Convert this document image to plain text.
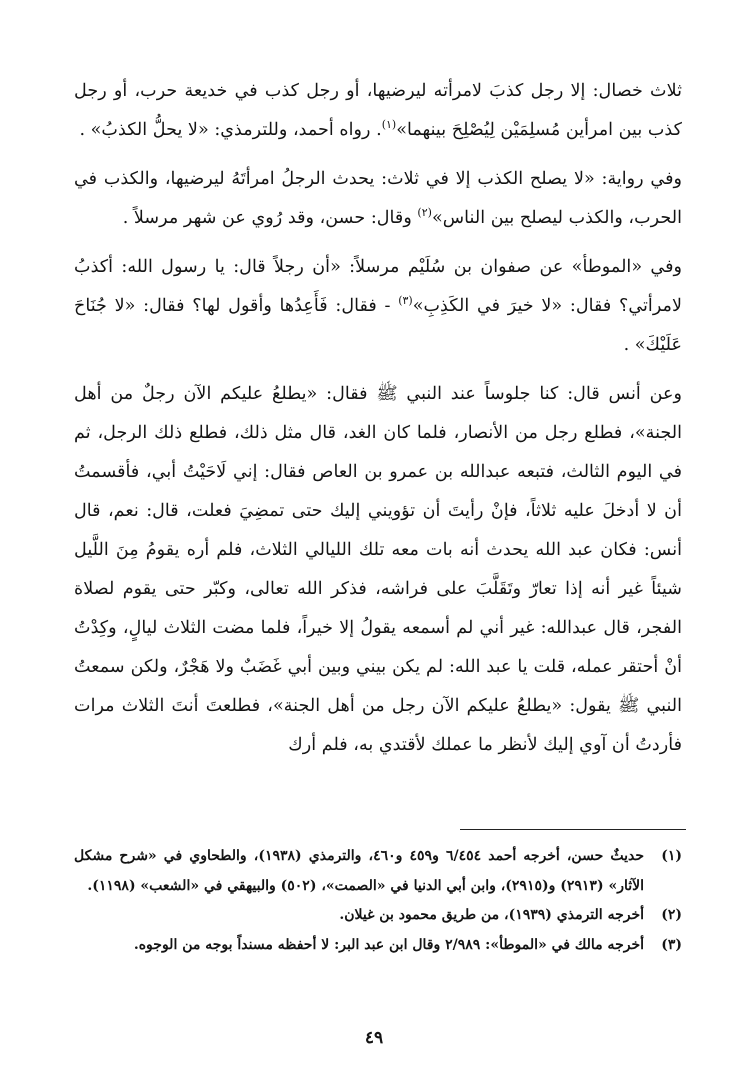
ثلاث خصال: إلا رجل كذبَ لامرأته ليرضيها، أو رجل كذب في خديعة حرب، أو رجل كذب بين امرأين مُسلِمَيْن لِيُصْلِحَ بينهما»$^{(١)}$. رواه أحمد، وللترمذي: «لا يحلُّ الكذبُ» .

وفي رواية: «لا يصلح الكذب إلا في ثلاث: يحدث الرجلُ امرأتَهُ ليرضيها، والكذب في الحرب، والكذب ليصلح بين الناس»$^{(٢)}$ وقال: حسن، وقد رُوي عن شهر مرسلاً .

وفي «الموطأ» عن صفوان بن سُلَيْم مرسلاً: «أن رجلاً قال: يا رسول الله: أكذبُ لامرأتي؟ فقال: «لا خيرَ في الكَذِبِ»$^{(٣)}$ - فقال: فَأَعِدُها وأقول لها؟ فقال: «لا جُنَاحَ عَلَيْكَ» .

وعن أنس قال: كنا جلوساً عند النبي ﷺ فقال: «يطلعُ عليكم الآن رجلٌ من أهل الجنة»، فطلع رجل من الأنصار، فلما كان الغد، قال مثل ذلك، فطلع ذلك الرجل، ثم في اليوم الثالث، فتبعه عبدالله بن عمرو بن العاص فقال: إني لَاحَيْتُ أبي، فأقسمتُ أن لا أدخلَ عليه ثلاثاً، فإنْ رأيتَ أن تؤويني إليك حتى تمضِيَ فعلت، قال: نعم، قال أنس: فكان عبد الله يحدث أنه بات معه تلك الليالي الثلاث، فلم أره يقومُ مِنَ اللَّيل شيئاً غير أنه إذا تعارّ وتَقَلَّبَ على فراشه، فذكر الله تعالى، وكبّر حتى يقوم لصلاة الفجر، قال عبدالله: غير أني لم أسمعه يقولُ إلا خيراً، فلما مضت الثلاث ليالٍ، وكِدْتُ أنْ أحتقر عمله، قلت يا عبد الله: لم يكن بيني وبين أبي غَضَبٌ ولا هَجْرٌ، ولكن سمعتُ النبي ﷺ يقول: «يطلعُ عليكم الآن رجل من أهل الجنة»، فطلعتَ أنتَ الثلاث مرات فأردتُ أن آوي إليك لأنظر ما عملك لأقتدي به، فلم أرك

(١)
حديثٌ حسن، أخرجه أحمد ٦/٤٥٤ و٤٥٩ و٤٦٠، والترمذي (١٩٣٨)، والطحاوي في «شرح مشكل الآثار» (٢٩١٣) و(٢٩١٥)، وابن أبي الدنيا في «الصمت»، (٥٠٢) والبيهقي في «الشعب» (١١٩٨).
(٢)
أخرجه الترمذي (١٩٣٩)، من طريق محمود بن غيلان.
(٣)
أخرجه مالك في «الموطأ»: ٢/٩٨٩ وقال ابن عبد البر: لا أحفظه مسنداً بوجه من الوجوه.
٤٩
